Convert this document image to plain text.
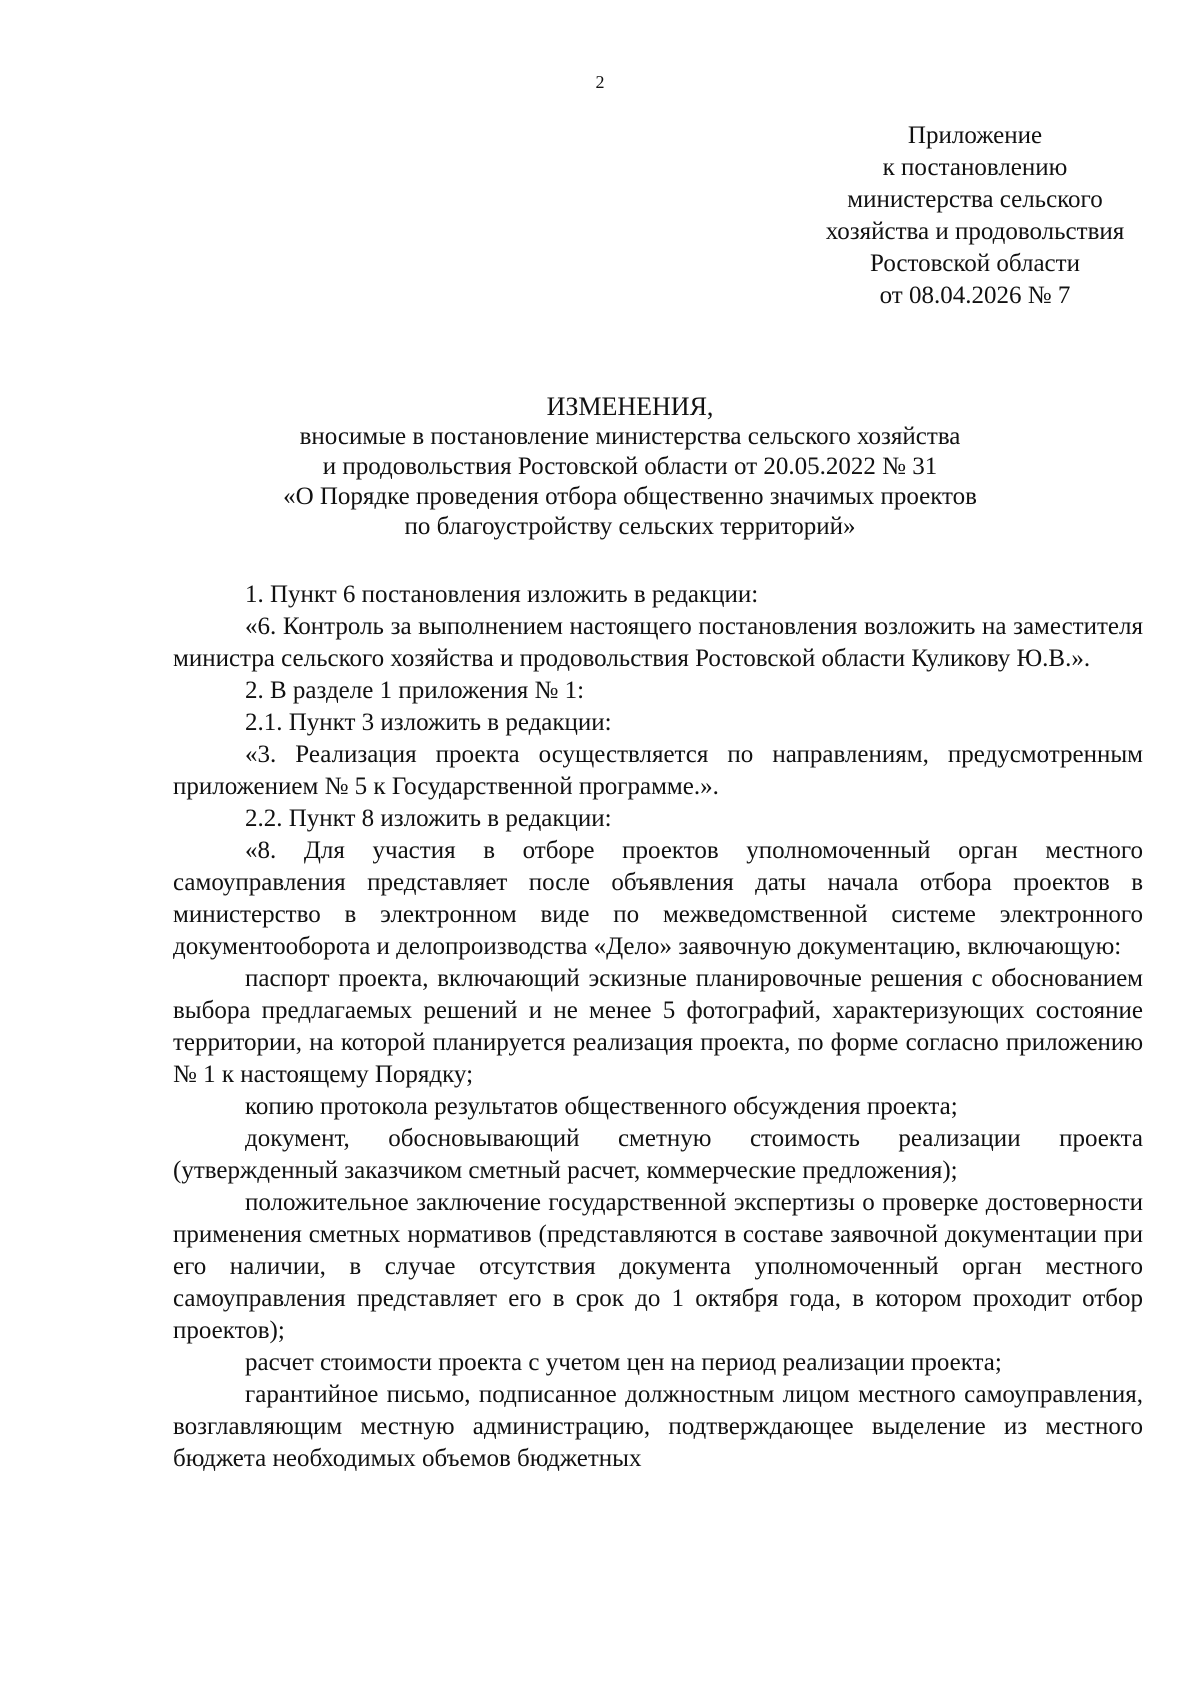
2
Приложение
к постановлению
министерства сельского
хозяйства и продовольствия
Ростовской области
от 08.04.2026 № 7
ИЗМЕНЕНИЯ,
вносимые в постановление министерства сельского хозяйства
и продовольствия Ростовской области от 20.05.2022 № 31
«О Порядке проведения отбора общественно значимых проектов
по благоустройству сельских территорий»

1. Пункт 6 постановления изложить в редакции:

«6. Контроль за выполнением настоящего постановления возложить на заместителя министра сельского хозяйства и продовольствия Ростовской области Куликову Ю.В.».

2. В разделе 1 приложения № 1:

2.1. Пункт 3 изложить в редакции:

«3. Реализация проекта осуществляется по направлениям, предусмотренным приложением № 5 к Государственной программе.».

2.2. Пункт 8 изложить в редакции:

«8. Для участия в отборе проектов уполномоченный орган местного самоуправления представляет после объявления даты начала отбора проектов в министерство в электронном виде по межведомственной системе электронного документооборота и делопроизводства «Дело» заявочную документацию, включающую:

паспорт проекта, включающий эскизные планировочные решения с обоснованием выбора предлагаемых решений и не менее 5 фотографий, характеризующих состояние территории, на которой планируется реализация проекта, по форме согласно приложению № 1 к настоящему Порядку;

копию протокола результатов общественного обсуждения проекта;

документ, обосновывающий сметную стоимость реализации проекта (утвержденный заказчиком сметный расчет, коммерческие предложения);

положительное заключение государственной экспертизы о проверке достоверности применения сметных нормативов (представляются в составе заявочной документации при его наличии, в случае отсутствия документа уполномоченный орган местного самоуправления представляет его в срок до 1 октября года, в котором проходит отбор проектов);

расчет стоимости проекта с учетом цен на период реализации проекта;

гарантийное письмо, подписанное должностным лицом местного самоуправления, возглавляющим местную администрацию, подтверждающее выделение из местного бюджета необходимых объемов бюджетных
